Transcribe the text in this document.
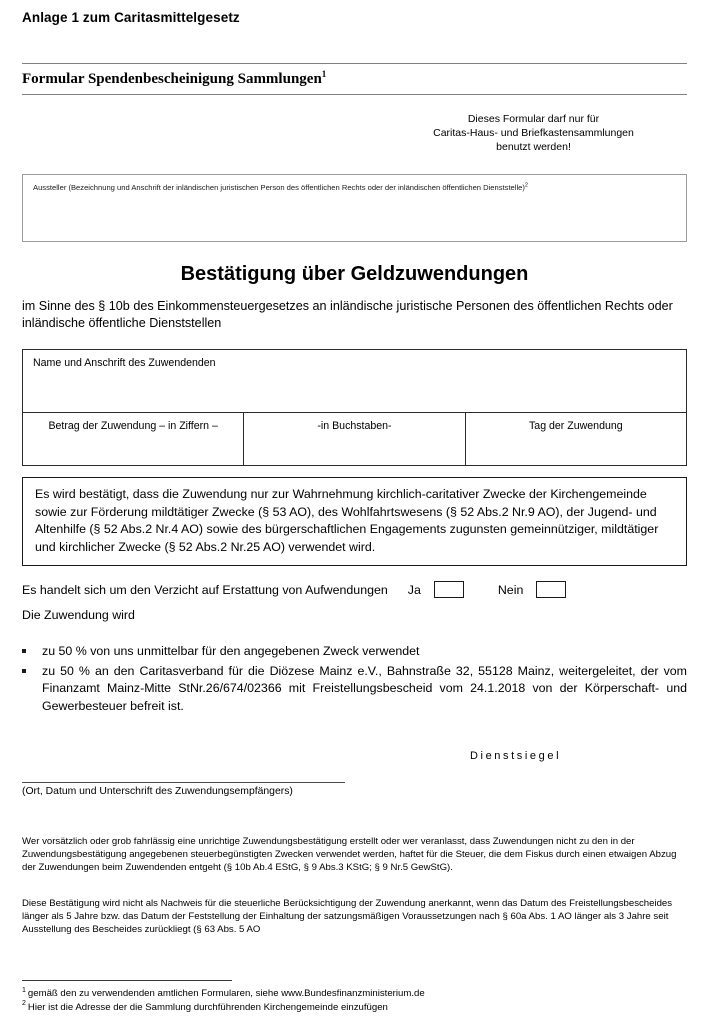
Anlage 1 zum Caritasmittelgesetz
Formular Spendenbescheinigung Sammlungen$^1$
Dieses Formular darf nur für
Caritas-Haus- und Briefkastensammlungen
benutzt werden!
Aussteller (Bezeichnung und Anschrift der inländischen juristischen Person des öffentlichen Rechts oder der inländischen öffentlichen Dienststelle)$^2$
Bestätigung über Geldzuwendungen
im Sinne des § 10b des Einkommensteuergesetzes an inländische juristische Personen des öffentlichen Rechts oder inländische öffentliche Dienststellen
Name und Anschrift des Zuwendenden

Betrag der Zuwendung – in Ziffern –	-in Buchstaben-	Tag der Zuwendung
Es wird bestätigt, dass die Zuwendung nur zur Wahrnehmung kirchlich-caritativer Zwecke der Kirchengemeinde sowie zur Förderung mildtätiger Zwecke (§ 53 AO), des Wohlfahrtswesens (§ 52 Abs.2 Nr.9 AO), der Jugend- und Altenhilfe (§ 52 Abs.2 Nr.4 AO) sowie des bürgerschaftlichen Engagements zugunsten gemeinnütziger, mildtätiger und kirchlicher Zwecke (§ 52 Abs.2 Nr.25 AO) verwendet wird.
Es handelt sich um den Verzicht auf Erstattung von Aufwendungen Ja	Nein
Die Zuwendung wird
zu 50 % von uns unmittelbar für den angegebenen Zweck verwendet
zu 50 % an den Caritasverband für die Diözese Mainz e.V., Bahnstraße 32, 55128 Mainz, weitergeleitet, der vom Finanzamt Mainz-Mitte StNr.26/674/02366 mit Freistellungsbescheid vom 24.1.2018 von der Körperschaft- und Gewerbesteuer befreit ist.
Dienstsiegel
(Ort, Datum und Unterschrift des Zuwendungsempfängers)
Wer vorsätzlich oder grob fahrlässig eine unrichtige Zuwendungsbestätigung erstellt oder wer veranlasst, dass Zuwendungen nicht zu den in der Zuwendungsbestätigung angegebenen steuerbegünstigten Zwecken verwendet werden, haftet für die Steuer, die dem Fiskus durch einen etwaigen Abzug der Zuwendungen beim Zuwendenden entgeht (§ 10b Ab.4 EStG, § 9 Abs.3 KStG; § 9 Nr.5 GewStG).
Diese Bestätigung wird nicht als Nachweis für die steuerliche Berücksichtigung der Zuwendung anerkannt, wenn das Datum des Freistellungsbescheides länger als 5 Jahre bzw. das Datum der Feststellung der Einhaltung der satzungsmäßigen Voraussetzungen nach § 60a Abs. 1 AO länger als 3 Jahre seit Ausstellung des Bescheides zurückliegt (§ 63 Abs. 5 AO
$^1$ gemäß den zu verwendenden amtlichen Formularen, siehe www.Bundesfinanzministerium.de
$^2$ Hier ist die Adresse der die Sammlung durchführenden Kirchengemeinde einzufügen
